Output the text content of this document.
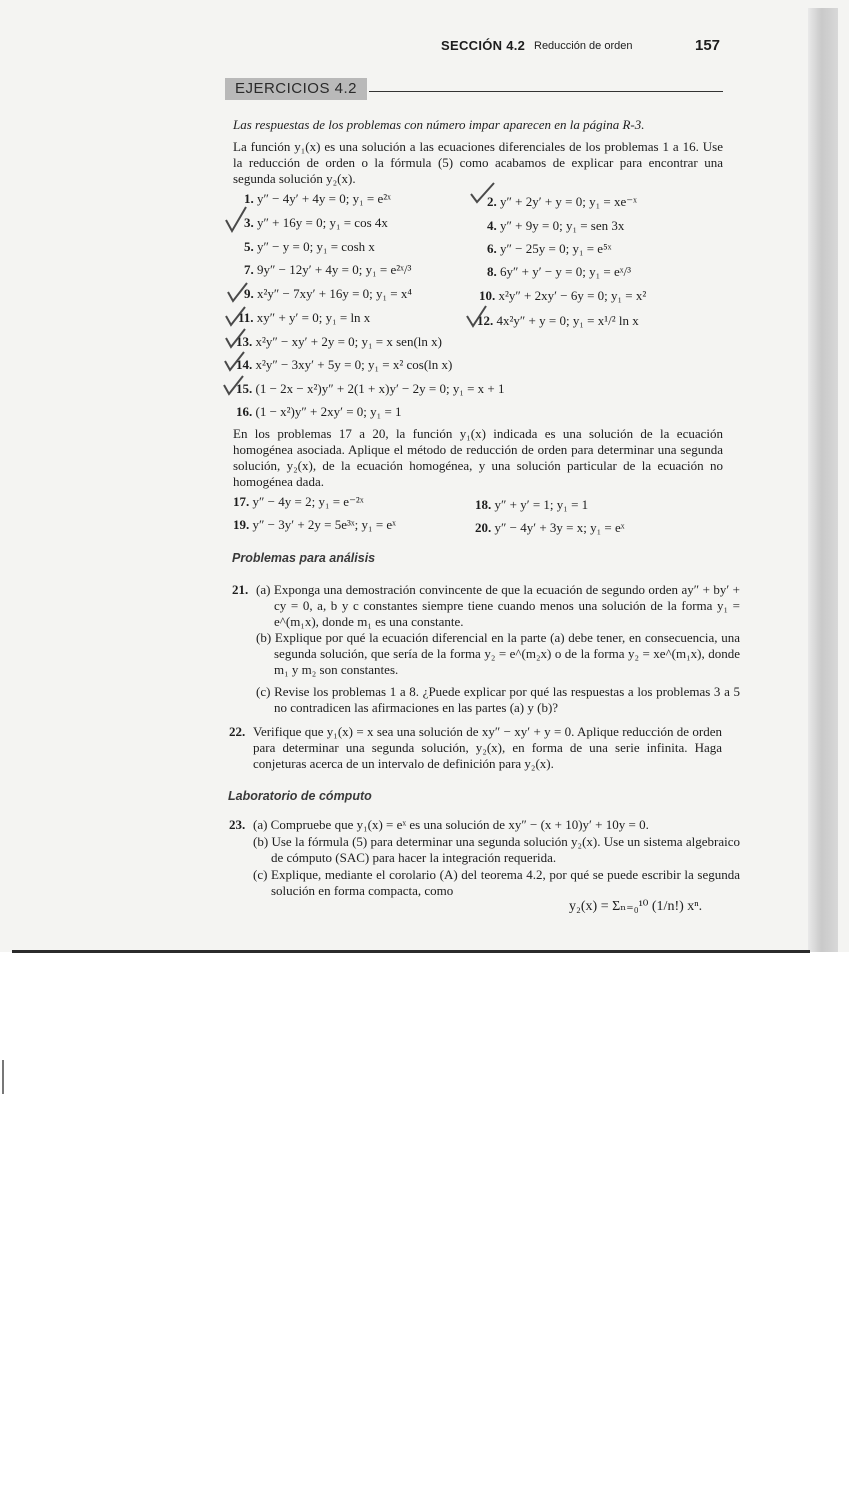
SECCIÓN 4.2 Reducción de orden	157
EJERCICIOS 4.2
Las respuestas de los problemas con número impar aparecen en la página R-3.
La función y₁(x) es una solución a las ecuaciones diferenciales de los problemas 1 a 16. Use la reducción de orden o la fórmula (5) como acabamos de explicar para encontrar una segunda solución y₂(x).
1. y″ − 4y′ + 4y = 0; y₁ = e²ˣ	2. y″ + 2y′ + y = 0; y₁ = xe⁻ˣ
3. y″ + 16y = 0; y₁ = cos 4x	4. y″ + 9y = 0; y₁ = sen 3x
5. y″ − y = 0; y₁ = cosh x	6. y″ − 25y = 0; y₁ = e⁵ˣ
7. 9y″ − 12y′ + 4y = 0; y₁ = e²ˣ/³	8. 6y″ + y′ − y = 0; y₁ = eˣ/³
9. x²y″ − 7xy′ + 16y = 0; y₁ = x⁴	10. x²y″ + 2xy′ − 6y = 0; y₁ = x²
11. xy″ + y′ = 0; y₁ = ln x	12. 4x²y″ + y = 0; y₁ = x¹/² ln x
13. x²y″ − xy′ + 2y = 0; y₁ = x sen(ln x)
14. x²y″ − 3xy′ + 5y = 0; y₁ = x² cos(ln x)
15. (1 − 2x − x²)y″ + 2(1 + x)y′ − 2y = 0; y₁ = x + 1
16. (1 − x²)y″ + 2xy′ = 0; y₁ = 1
En los problemas 17 a 20, la función y₁(x) indicada es una solución de la ecuación homogénea asociada. Aplique el método de reducción de orden para determinar una segunda solución, y₂(x), de la ecuación homogénea, y una solución particular de la ecuación no homogénea dada.
17. y″ − 4y = 2; y₁ = e⁻²ˣ	18. y″ + y′ = 1; y₁ = 1
19. y″ − 3y′ + 2y = 5e³ˣ; y₁ = eˣ	20. y″ − 4y′ + 3y = x; y₁ = eˣ
Problemas para análisis
21. (a) Exponga una demostración convincente de que la ecuación de segundo orden ay″ + by′ + cy = 0, a, b y c constantes siempre tiene cuando menos una solución de la forma y₁ = e^(m₁x), donde m₁ es una constante.
(b) Explique por qué la ecuación diferencial en la parte (a) debe tener, en consecuencia, una segunda solución, que sería de la forma y₂ = e^(m₂x) o de la forma y₂ = xe^(m₁x), donde m₁ y m₂ son constantes.
(c) Revise los problemas 1 a 8. ¿Puede explicar por qué las respuestas a los problemas 3 a 5 no contradicen las afirmaciones en las partes (a) y (b)?
22. Verifique que y₁(x) = x sea una solución de xy″ − xy′ + y = 0. Aplique reducción de orden para determinar una segunda solución, y₂(x), en forma de una serie infinita. Haga conjeturas acerca de un intervalo de definición para y₂(x).
Laboratorio de cómputo
23. (a) Compruebe que y₁(x) = eˣ es una solución de xy″ − (x + 10)y′ + 10y = 0.
(b) Use la fórmula (5) para determinar una segunda solución y₂(x). Use un sistema algebraico de cómputo (SAC) para hacer la integración requerida.
(c) Explique, mediante el corolario (A) del teorema 4.2, por qué se puede escribir la segunda solución en forma compacta, como
y₂(x) = Σₙ₌₀¹⁰ (1/n!) xⁿ.
